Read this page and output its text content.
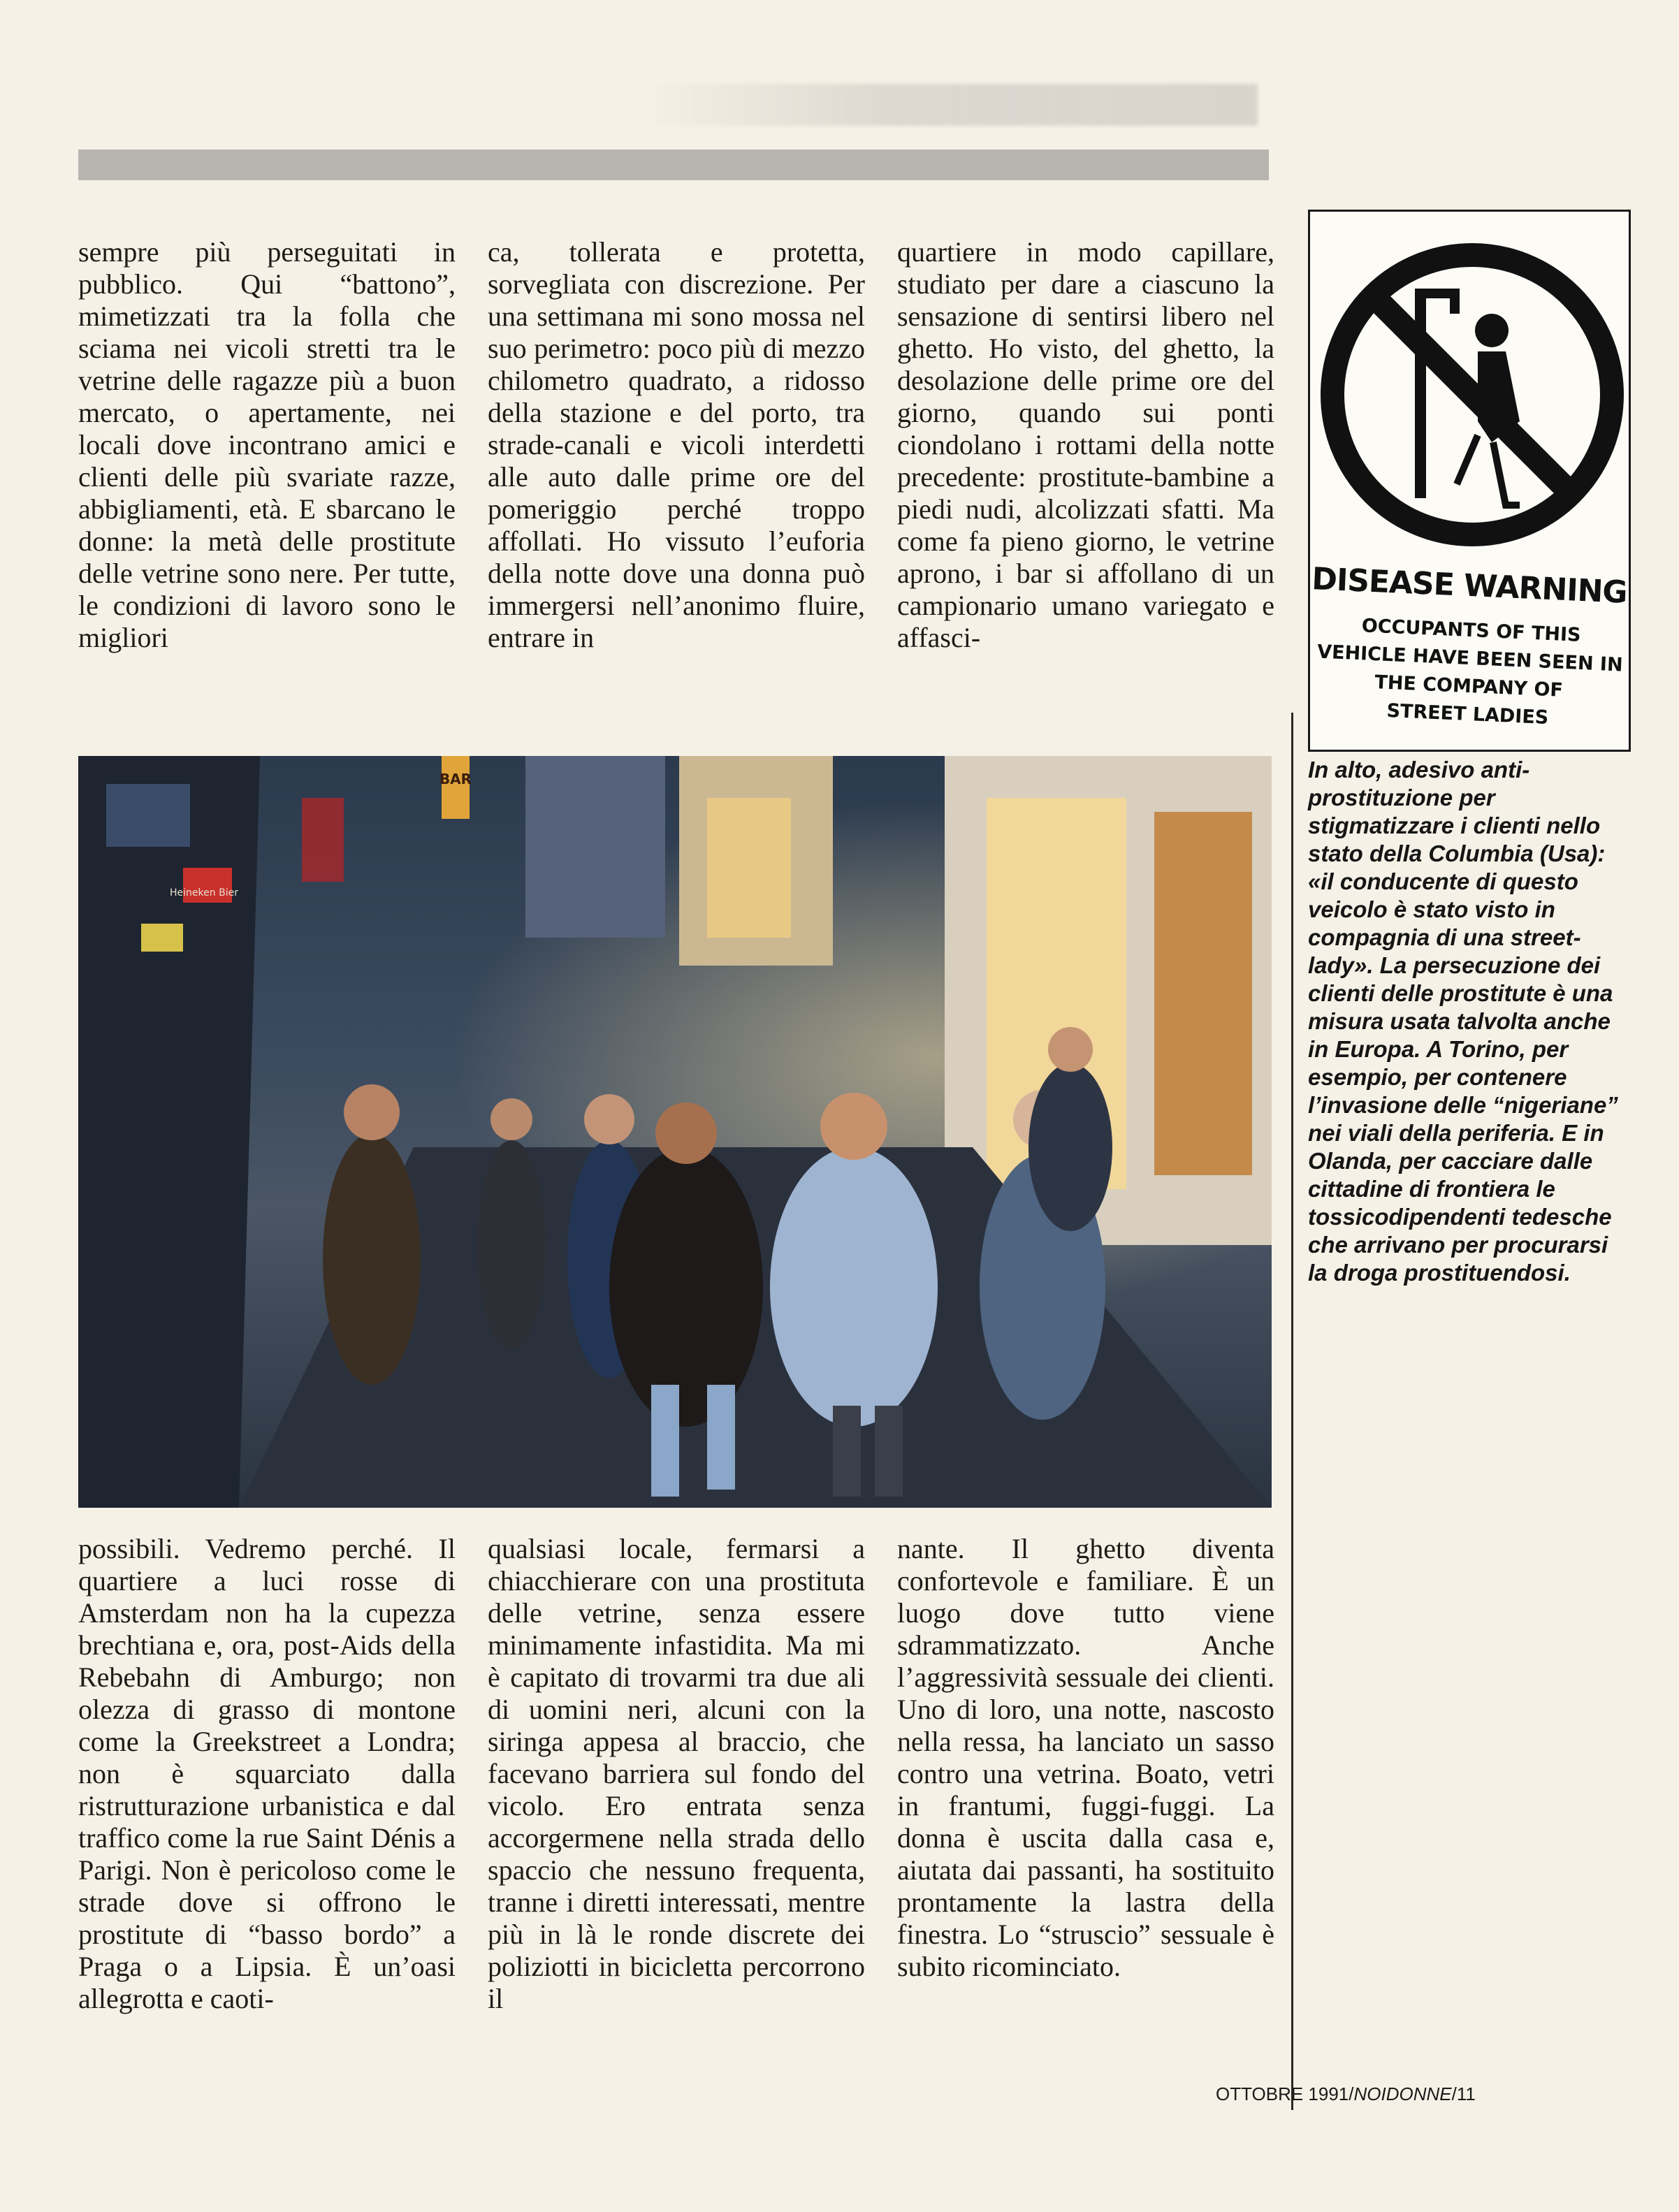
sempre più perseguitati in pubblico. Qui “battono”, mimetizzati tra la folla che sciama nei vicoli stretti tra le vetrine delle ragazze più a buon mercato, o apertamente, nei locali dove incontrano amici e clienti delle più svariate razze, abbigliamenti, età. E sbarcano le donne: la metà delle prostitute delle vetrine sono nere. Per tutte, le condizioni di lavoro sono le migliori

ca, tollerata e protetta, sorvegliata con discrezione. Per una settimana mi sono mossa nel suo perimetro: poco più di mezzo chilometro quadrato, a ridosso della stazione e del porto, tra strade-canali e vicoli interdetti alle auto dalle prime ore del pomeriggio perché troppo affollati. Ho vissuto l’euforia della notte dove una donna può immergersi nell’anonimo fluire, entrare in

quartiere in modo capillare, studiato per dare a ciascuno la sensazione di sentirsi libero nel ghetto. Ho visto, del ghetto, la desolazione delle prime ore del giorno, quando sui ponti ciondolano i rottami della notte precedente: prostitute-bambine a piedi nudi, alcolizzati sfatti. Ma come fa pieno giorno, le vetrine aprono, i bar si affollano di un campionario umano variegato e affasci-

BAR
Heineken Bier

possibili. Vedremo perché. Il quartiere a luci rosse di Amsterdam non ha la cupezza brechtiana e, ora, post-Aids della Rebebahn di Amburgo; non olezza di grasso di montone come la Greekstreet a Londra; non è squarciato dalla ristrutturazione urbanistica e dal traffico come la rue Saint Dénis a Parigi. Non è pericoloso come le strade dove si offrono le prostitute di “basso bordo” a Praga o a Lipsia. È un’oasi allegrotta e caoti-

qualsiasi locale, fermarsi a chiacchierare con una prostituta delle vetrine, senza essere minimamente infastidita. Ma mi è capitato di trovarmi tra due ali di uomini neri, alcuni con la siringa appesa al braccio, che facevano barriera sul fondo del vicolo. Ero entrata senza accorgermene nella strada dello spaccio che nessuno frequenta, tranne i diretti interessati, mentre più in là le ronde discrete dei poliziotti in bicicletta percorrono il

nante. Il ghetto diventa confortevole e familiare. È un luogo dove tutto viene sdrammatizzato. Anche l’aggressività sessuale dei clienti. Uno di loro, una notte, nascosto nella ressa, ha lanciato un sasso contro una vetrina. Boato, vetri in frantumi, fuggi-fuggi. La donna è uscita dalla casa e, aiutata dai passanti, ha sostituito prontamente la lastra della finestra. Lo “struscio” sessuale è subito ricominciato.

DISEASE WARNING
OCCUPANTS OF THIS
VEHICLE HAVE BEEN SEEN IN
THE COMPANY OF
STREET LADIES
In alto, adesivo anti-prostituzione per stigmatizzare i clienti nello stato della Columbia (Usa): «il conducente di questo veicolo è stato visto in compagnia di una street-lady». La persecuzione dei clienti delle prostitute è una misura usata talvolta anche in Europa. A Torino, per esempio, per contenere l’invasione delle “nigeriane” nei viali della periferia. E in Olanda, per cacciare dalle cittadine di frontiera le tossicodipendenti tedesche che arrivano per procurarsi la droga prostituendosi.
OTTOBRE 1991/NOIDONNE/11
